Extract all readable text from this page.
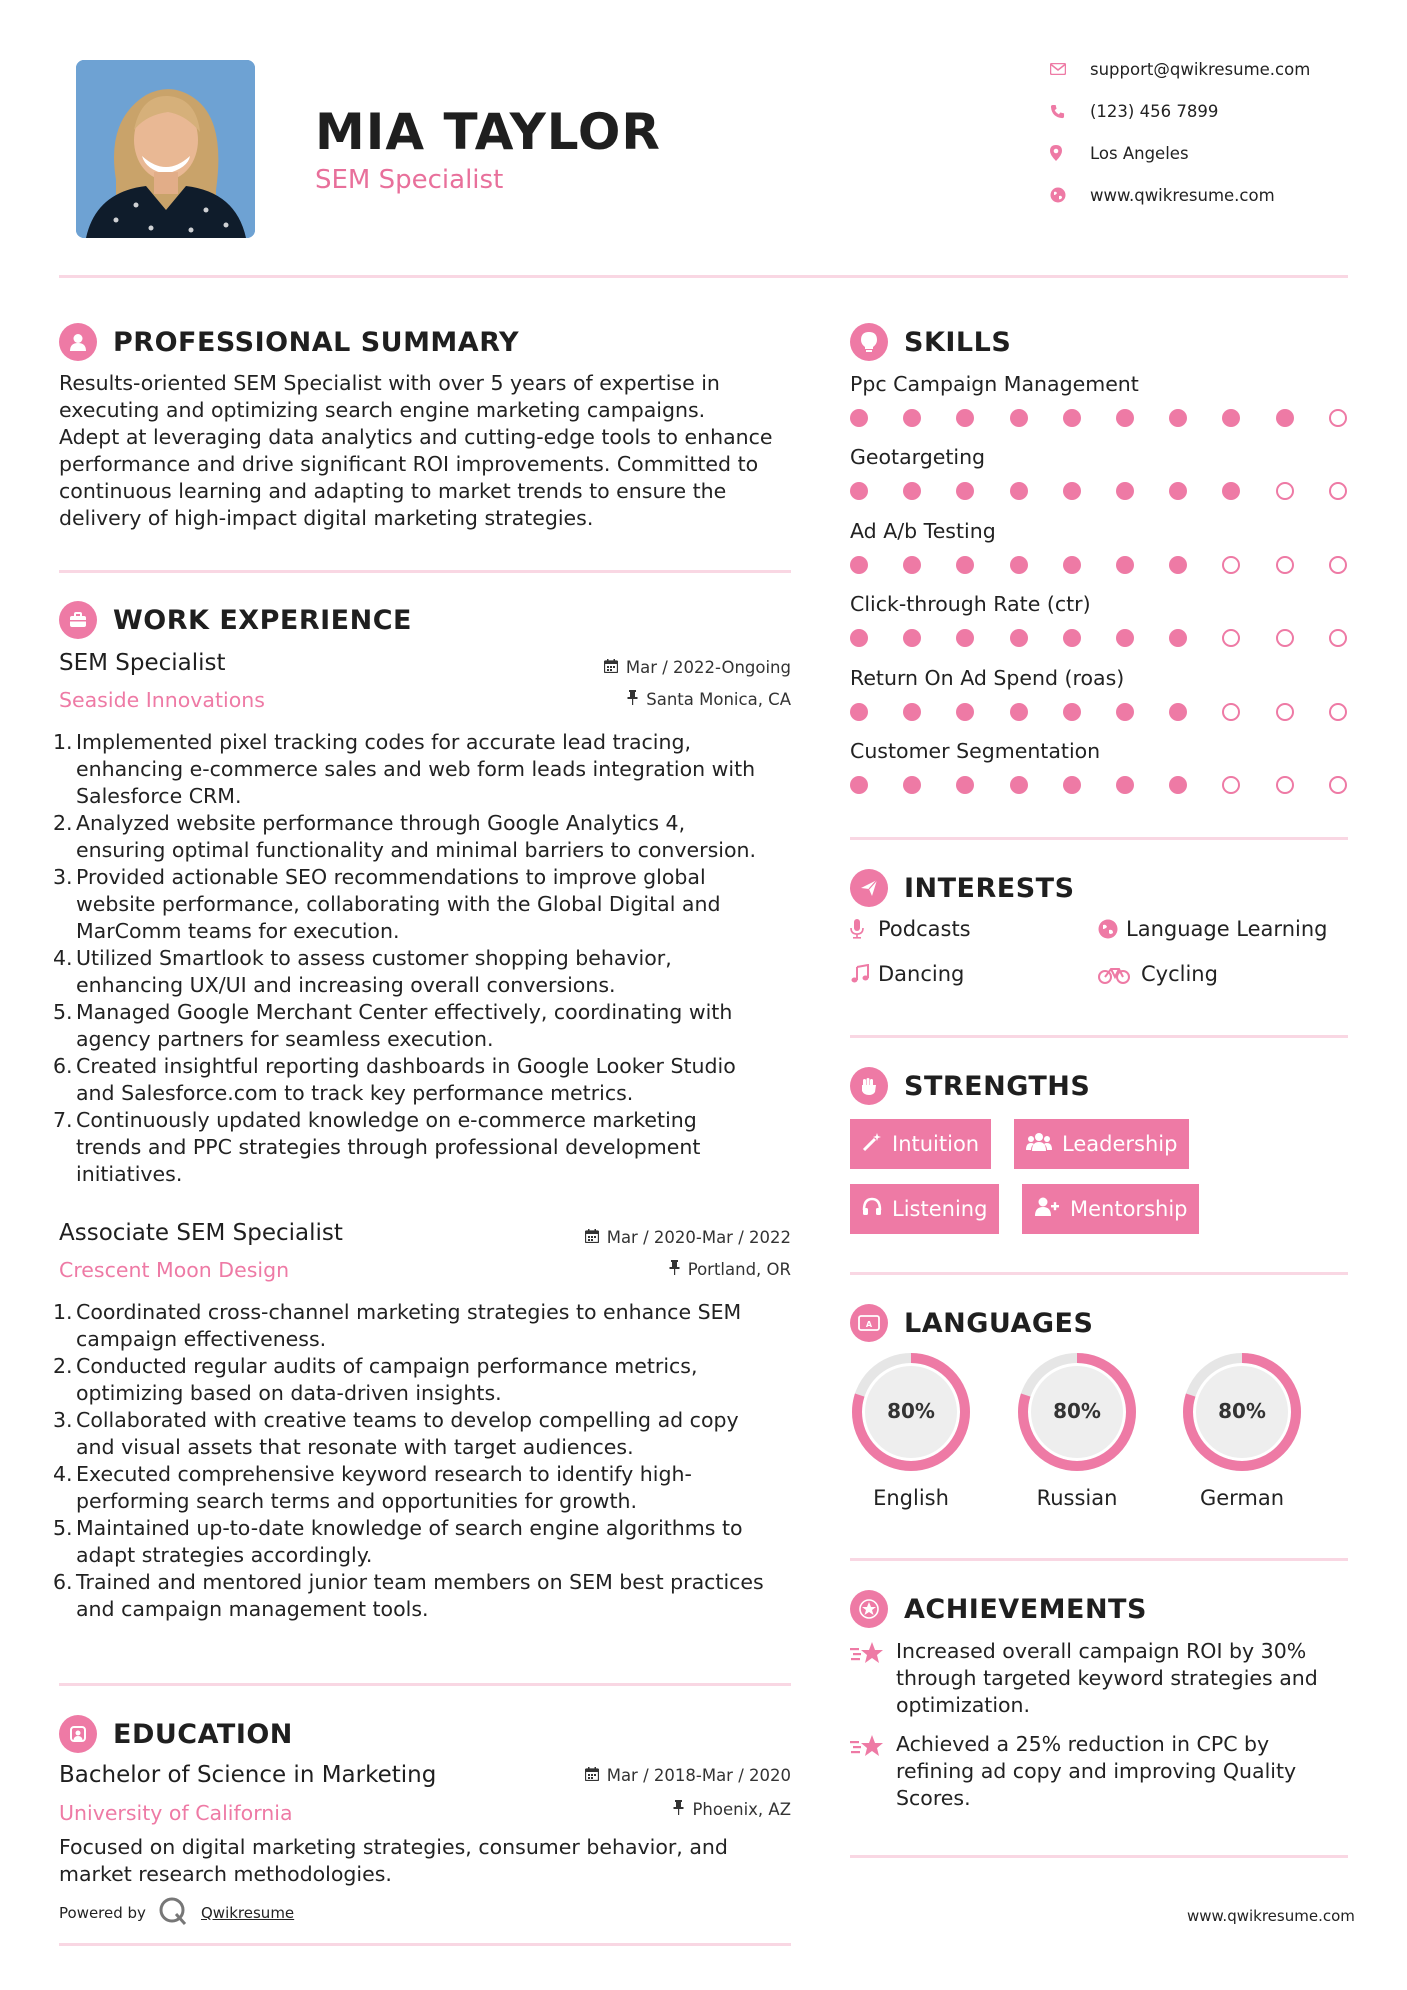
MIA TAYLOR
SEM Specialist
support@qwikresume.com
(123) 456 7899
Los Angeles
www.qwikresume.com
PROFESSIONAL SUMMARY
Results-oriented SEM Specialist with over 5 years of expertise in
executing and optimizing search engine marketing campaigns.
Adept at leveraging data analytics and cutting-edge tools to enhance
performance and drive significant ROI improvements. Committed to
continuous learning and adapting to market trends to ensure the
delivery of high-impact digital marketing strategies.
WORK EXPERIENCE
SEM Specialist
Seaside Innovations
Mar / 2022-Ongoing
Santa Monica, CA
1. Implemented pixel tracking codes for accurate lead tracing,
enhancing e-commerce sales and web form leads integration with
Salesforce CRM.
2. Analyzed website performance through Google Analytics 4,
ensuring optimal functionality and minimal barriers to conversion.
3. Provided actionable SEO recommendations to improve global
website performance, collaborating with the Global Digital and
MarComm teams for execution.
4. Utilized Smartlook to assess customer shopping behavior,
enhancing UX/UI and increasing overall conversions.
5. Managed Google Merchant Center effectively, coordinating with
agency partners for seamless execution.
6. Created insightful reporting dashboards in Google Looker Studio
and Salesforce.com to track key performance metrics.
7. Continuously updated knowledge on e-commerce marketing
trends and PPC strategies through professional development
initiatives.
Associate SEM Specialist
Crescent Moon Design
Mar / 2020-Mar / 2022
Portland, OR
1. Coordinated cross-channel marketing strategies to enhance SEM
campaign effectiveness.
2. Conducted regular audits of campaign performance metrics,
optimizing based on data-driven insights.
3. Collaborated with creative teams to develop compelling ad copy
and visual assets that resonate with target audiences.
4. Executed comprehensive keyword research to identify high-
performing search terms and opportunities for growth.
5. Maintained up-to-date knowledge of search engine algorithms to
adapt strategies accordingly.
6. Trained and mentored junior team members on SEM best practices
and campaign management tools.
EDUCATION
Bachelor of Science in Marketing
University of California
Mar / 2018-Mar / 2020
Phoenix, AZ
Focused on digital marketing strategies, consumer behavior, and
market research methodologies.
Powered by	Qwikresume	www.qwikresume.com
SKILLS
Ppc Campaign Management
Geotargeting
Ad A/b Testing
Click-through Rate (ctr)
Return On Ad Spend (roas)
Customer Segmentation
INTERESTS
Podcasts	Language Learning
Dancing	Cycling
STRENGTHS
Intuition	Leadership
Listening	Mentorship
A LANGUAGES
80%
English
80%
Russian
80%
German
ACHIEVEMENTS
Increased overall campaign ROI by 30%
through targeted keyword strategies and
optimization.
Achieved a 25% reduction in CPC by
refining ad copy and improving Quality
Scores.
